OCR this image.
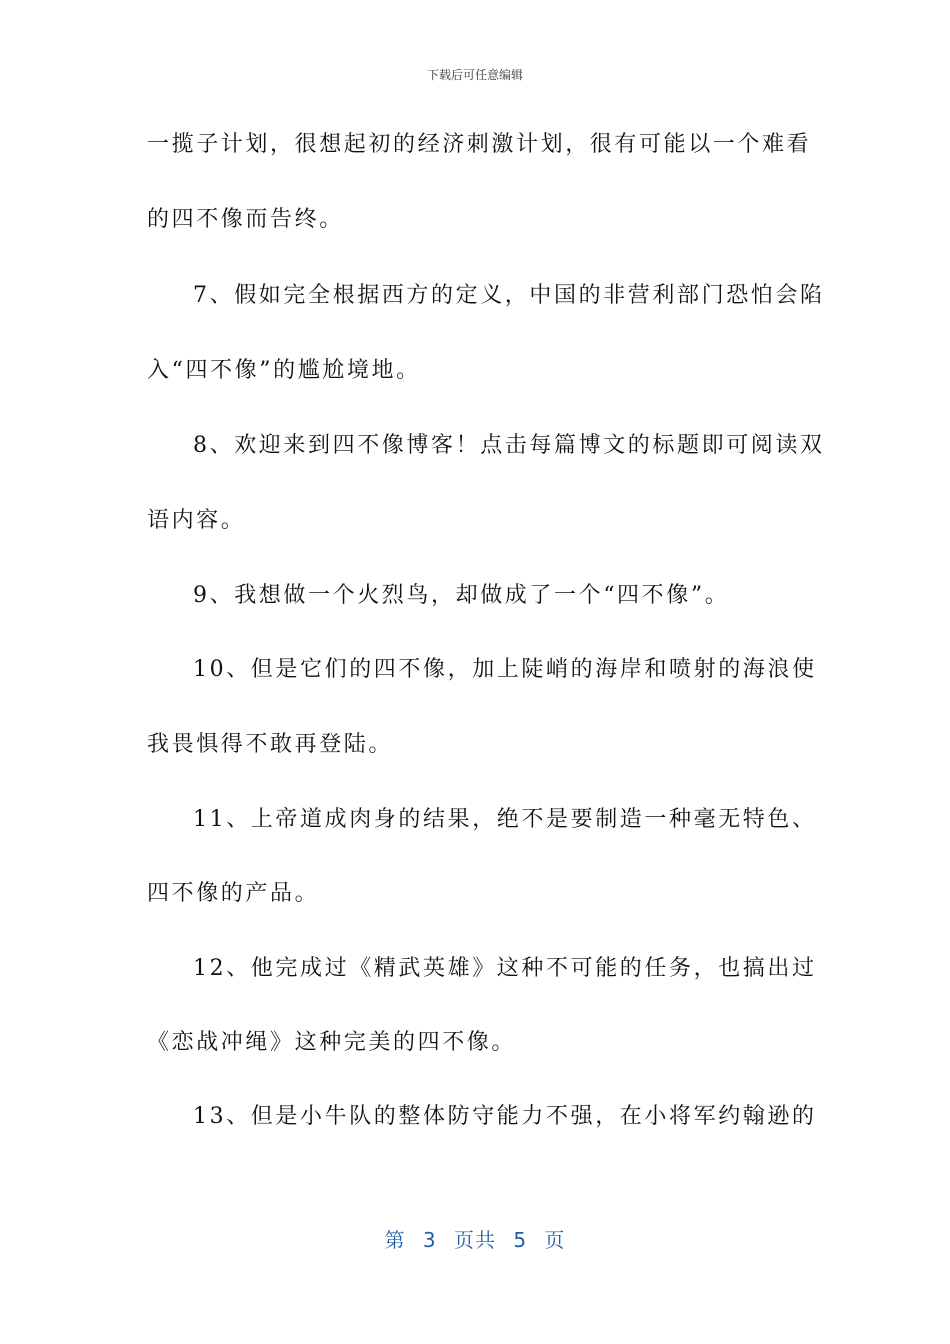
下载后可任意编辑
一揽子计划，很想起初的经济刺激计划，很有可能以一个难看
的四不像而告终。
7、假如完全根据西方的定义，中国的非营利部门恐怕会陷
入“四不像”的尴尬境地。
8、欢迎来到四不像博客！点击每篇博文的标题即可阅读双
语内容。
9、我想做一个火烈鸟，却做成了一个“四不像”。
10、但是它们的四不像，加上陡峭的海岸和喷射的海浪使
我畏惧得不敢再登陆。
11、上帝道成肉身的结果，绝不是要制造一种毫无特色、
四不像的产品。
12、他完成过《精武英雄》这种不可能的任务，也搞出过
《恋战冲绳》这种完美的四不像。
13、但是小牛队的整体防守能力不强，在小将军约翰逊的
第 3 页共 5 页
